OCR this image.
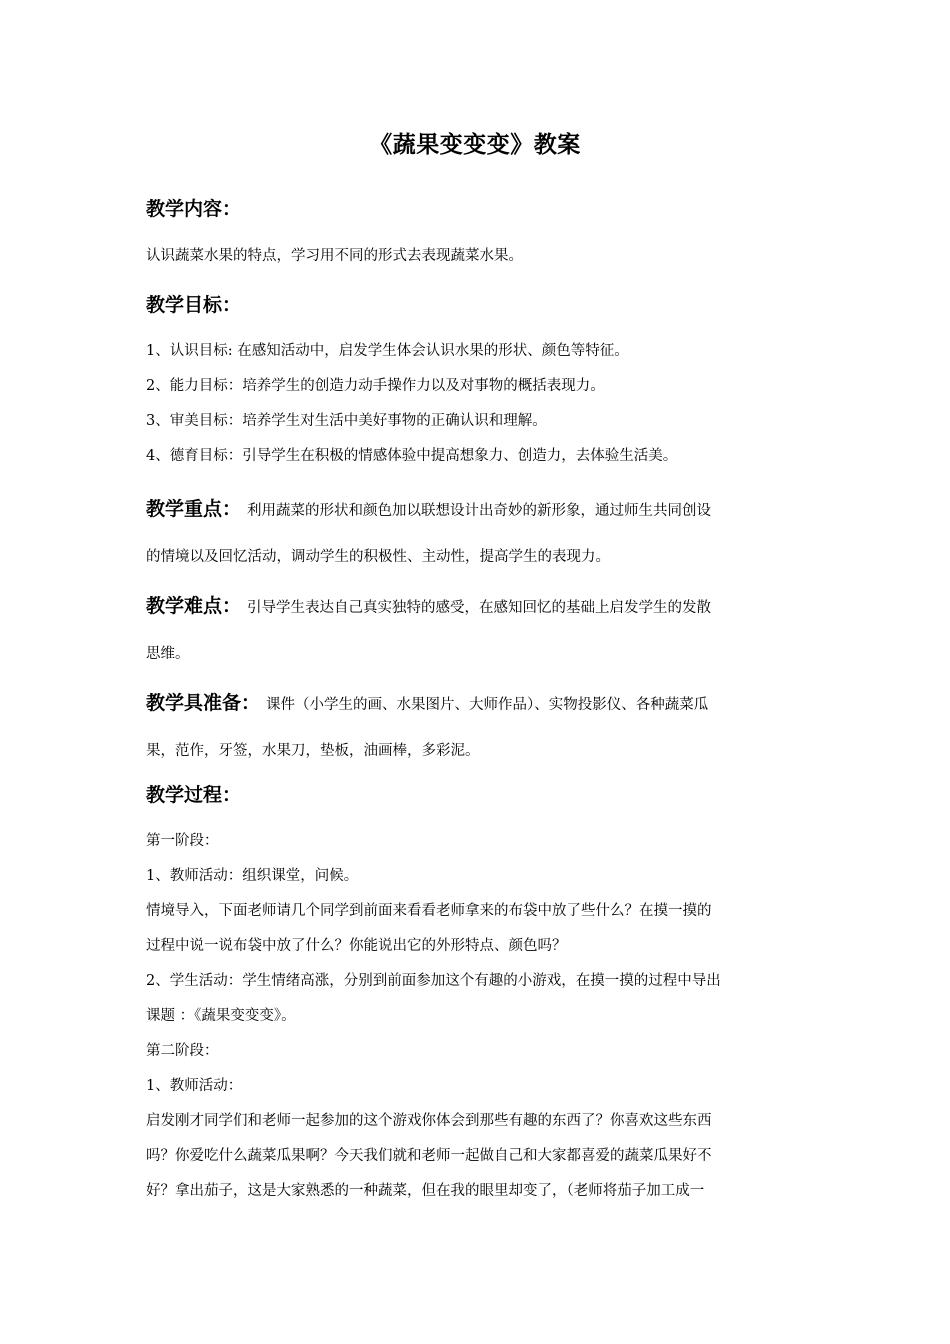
《蔬果变变变》教案
教学内容：
认识蔬菜水果的特点，学习用不同的形式去表现蔬菜水果。
教学目标：
1、认识目标: 在感知活动中，启发学生体会认识水果的形状、颜色等特征。
2、能力目标：培养学生的创造力动手操作力以及对事物的概括表现力。
3、审美目标：培养学生对生活中美好事物的正确认识和理解。
4、德育目标：引导学生在积极的情感体验中提高想象力、创造力，去体验生活美。
教学重点： 利用蔬菜的形状和颜色加以联想设计出奇妙的新形象，通过师生共同创设
的情境以及回忆活动，调动学生的积极性、主动性，提高学生的表现力。
教学难点： 引导学生表达自己真实独特的感受，在感知回忆的基础上启发学生的发散
思维。
教学具准备： 课件（小学生的画、水果图片、大师作品）、实物投影仪、各种蔬菜瓜
果，范作，牙签，水果刀，垫板，油画棒，多彩泥。
教学过程：
第一阶段：
1、教师活动：组织课堂，问候。
情境导入，下面老师请几个同学到前面来看看老师拿来的布袋中放了些什么？在摸一摸的
过程中说一说布袋中放了什么？你能说出它的外形特点、颜色吗？
2、学生活动：学生情绪高涨，分别到前面参加这个有趣的小游戏，在摸一摸的过程中导出
课题 ：《蔬果变变变》。
第二阶段：
1、教师活动：
启发刚才同学们和老师一起参加的这个游戏你体会到那些有趣的东西了？你喜欢这些东西
吗？你爱吃什么蔬菜瓜果啊？今天我们就和老师一起做自己和大家都喜爱的蔬菜瓜果好不
好？拿出茄子，这是大家熟悉的一种蔬菜，但在我的眼里却变了，（老师将茄子加工成一
